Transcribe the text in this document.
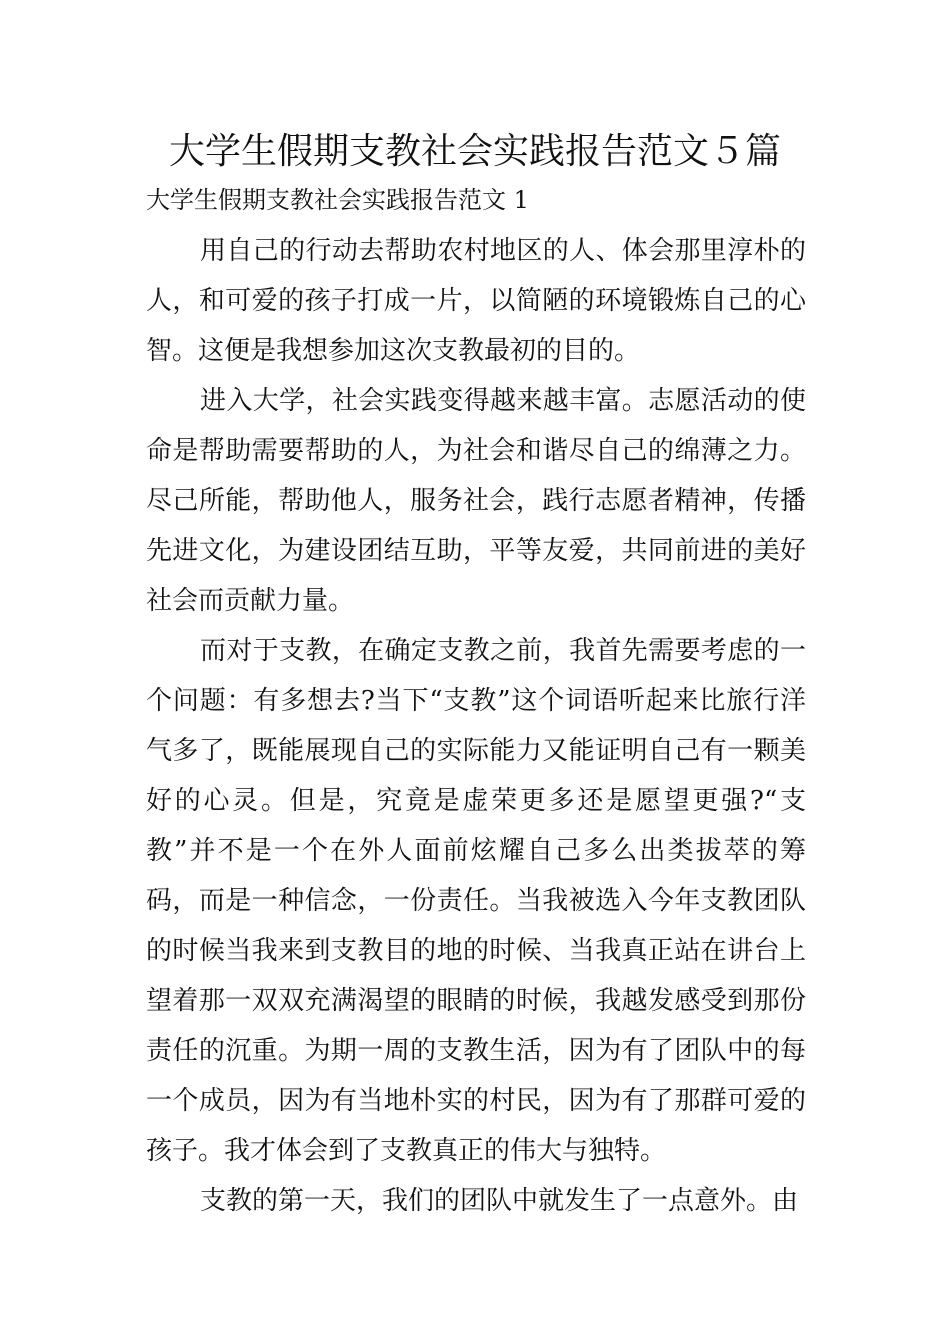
大学生假期支教社会实践报告范文５篇
大学生假期支教社会实践报告范文 1

用自己的行动去帮助农村地区的人、体会那里淳朴的人，和可爱的孩子打成一片，以简陋的环境锻炼自己的心智。这便是我想参加这次支教最初的目的。

进入大学，社会实践变得越来越丰富。志愿活动的使命是帮助需要帮助的人，为社会和谐尽自己的绵薄之力。尽己所能，帮助他人，服务社会，践行志愿者精神，传播先进文化，为建设团结互助，平等友爱，共同前进的美好社会而贡献力量。

而对于支教，在确定支教之前，我首先需要考虑的一个问题：有多想去?当下“支教”这个词语听起来比旅行洋气多了，既能展现自己的实际能力又能证明自己有一颗美好的心灵。但是，究竟是虚荣更多还是愿望更强?“支教”并不是一个在外人面前炫耀自己多么出类拔萃的筹码，而是一种信念，一份责任。当我被选入今年支教团队的时候当我来到支教目的地的时候、当我真正站在讲台上望着那一双双充满渴望的眼睛的时候，我越发感受到那份责任的沉重。为期一周的支教生活，因为有了团队中的每一个成员，因为有当地朴实的村民，因为有了那群可爱的孩子。我才体会到了支教真正的伟大与独特。

支教的第一天，我们的团队中就发生了一点意外。由
